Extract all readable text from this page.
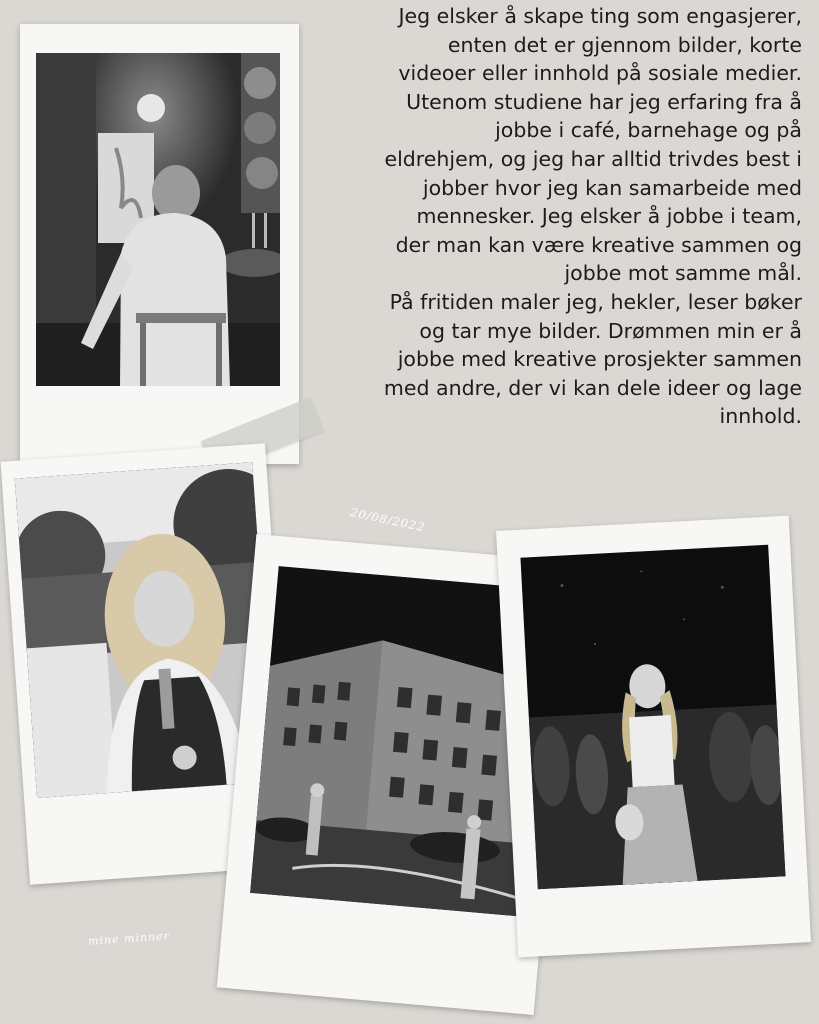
Jeg elsker å skape ting som engasjerer,
enten det er gjennom bilder, korte
videoer eller innhold på sosiale medier.
Utenom studiene har jeg erfaring fra å
jobbe i café, barnehage og på
eldrehjem, og jeg har alltid trivdes best i
jobber hvor jeg kan samarbeide med
mennesker. Jeg elsker å jobbe i team,
der man kan være kreative sammen og
jobbe mot samme mål.
På fritiden maler jeg, hekler, leser bøker
og tar mye bilder. Drømmen min er å
jobbe med kreative prosjekter sammen
med andre, der vi kan dele ideer og lage
innhold.

20/08/2022
mine minner
